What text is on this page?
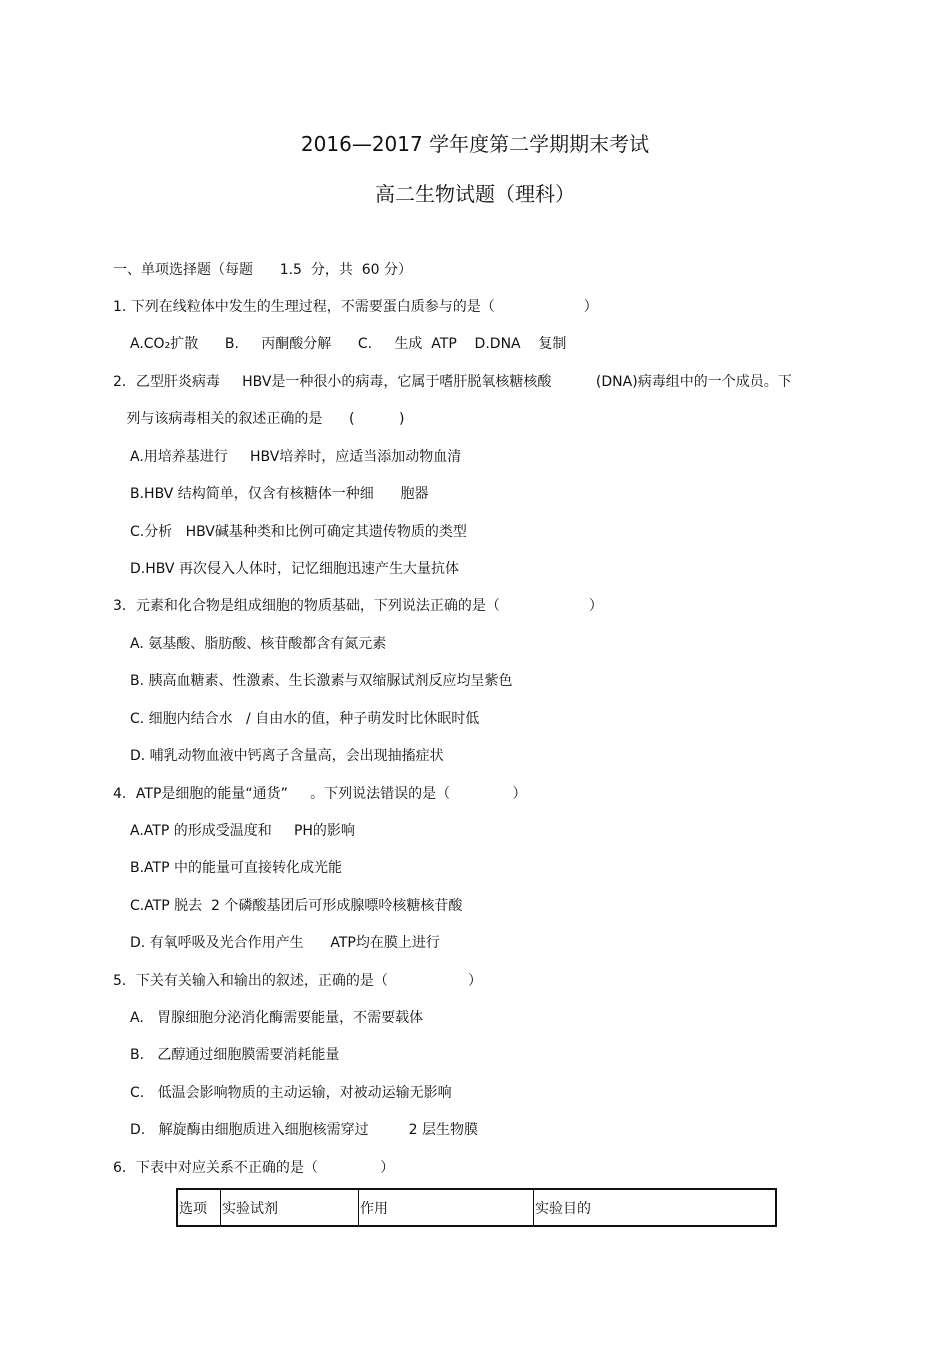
2016—2017 学年度第二学期期末考试
高二生物试题（理科）
一、单项选择题（每题      1.5  分，共  60 分）
1. 下列在线粒体中发生的生理过程，不需要蛋白质参与的是（                    ）
A.CO₂扩散      B.     丙酮酸分解      C.     生成  ATP    D.DNA    复制
2．乙型肝炎病毒     HBV是一种很小的病毒，它属于嗜肝脱氧核糖核酸          (DNA)病毒组中的一个成员。下
列与该病毒相关的叙述正确的是      (          )
A.用培养基进行     HBV培养时，应适当添加动物血清
B.HBV 结构简单，仅含有核糖体一种细      胞器
C.分析   HBV碱基种类和比例可确定其遗传物质的类型
D.HBV 再次侵入人体时，记忆细胞迅速产生大量抗体
3．元素和化合物是组成细胞的物质基础，下列说法正确的是（                    ）
A. 氨基酸、脂肪酸、核苷酸都含有氮元素
B. 胰高血糖素、性激素、生长激素与双缩脲试剂反应均呈紫色
C. 细胞内结合水   / 自由水的值，种子萌发时比休眠时低
D. 哺乳动物血液中钙离子含量高，会出现抽搐症状
4．ATP是细胞的能量“通货”     。下列说法错误的是（              ）
A.ATP 的形成受温度和     PH的影响
B.ATP 中的能量可直接转化成光能
C.ATP 脱去  2 个磷酸基团后可形成腺嘌呤核糖核苷酸
D. 有氧呼吸及光合作用产生      ATP均在膜上进行
5．下关有关输入和输出的叙述，正确的是（                  ）
A.   胃腺细胞分泌消化酶需要能量，不需要载体
B.   乙醇通过细胞膜需要消耗能量
C.   低温会影响物质的主动运输，对被动运输无影响
D.   解旋酶由细胞质进入细胞核需穿过         2 层生物膜
6．下表中对应关系不正确的是（              ）
选项	实验试剂	作用	实验目的
